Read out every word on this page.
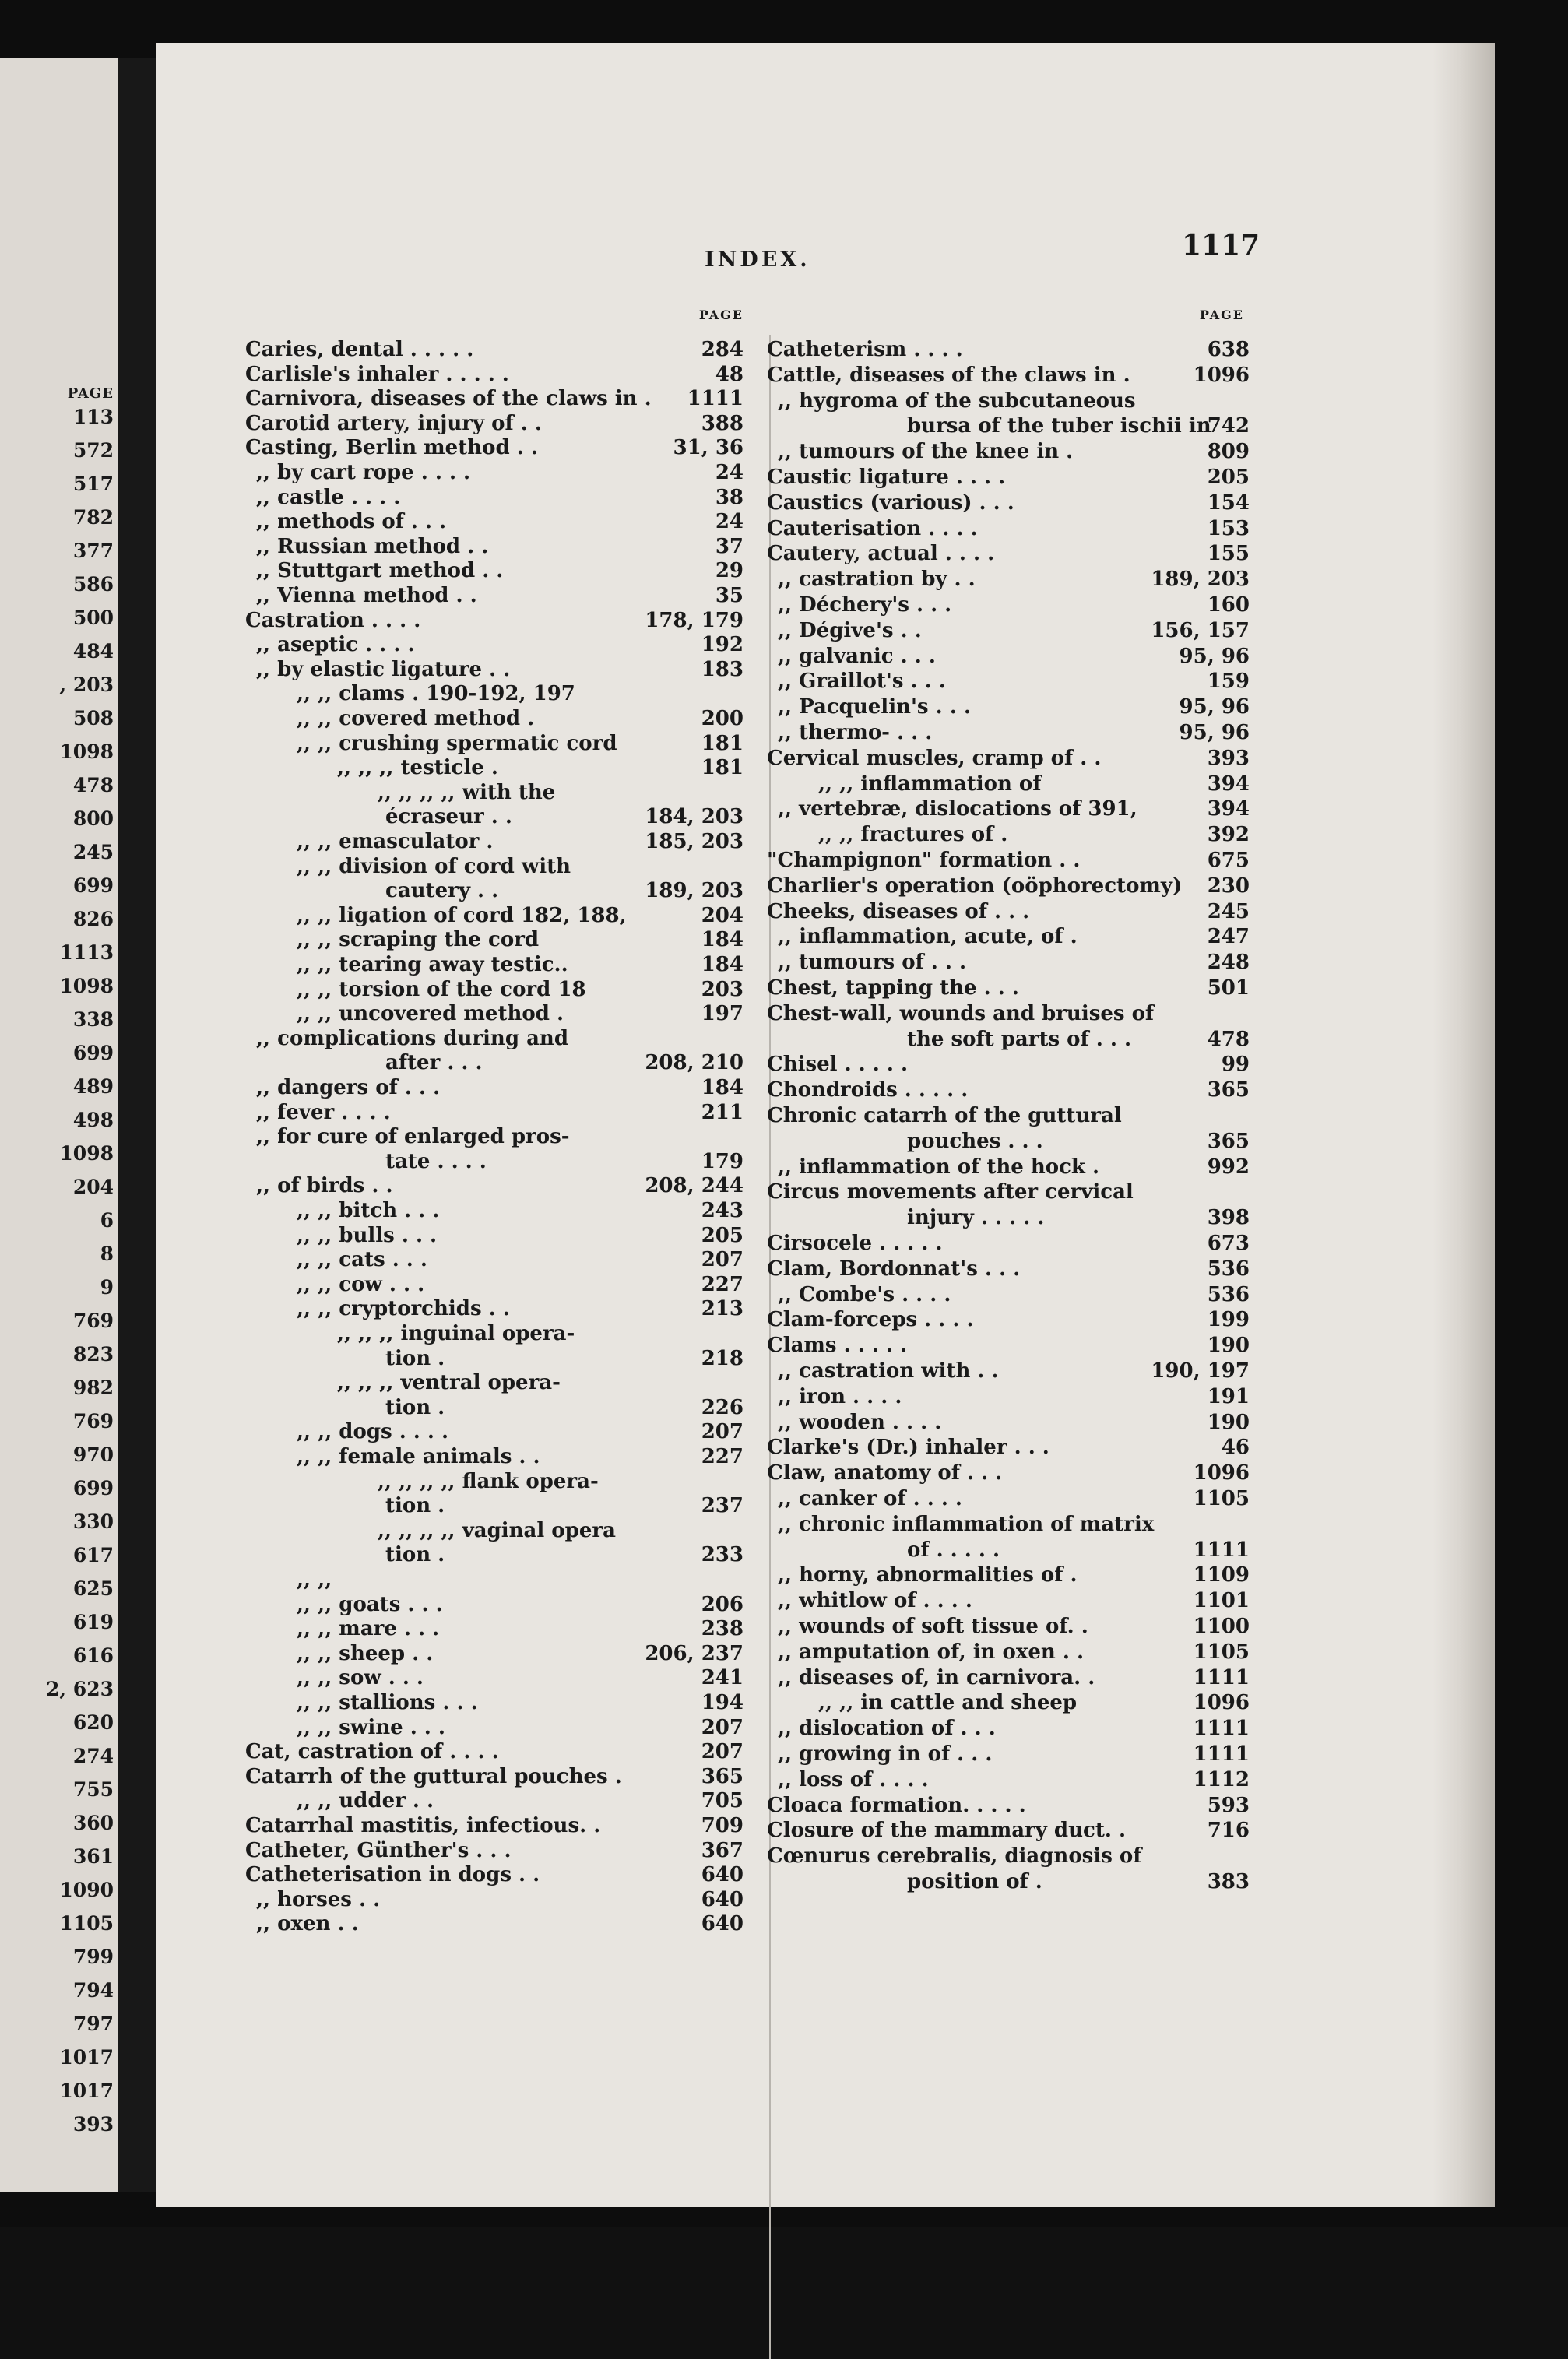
PAGE
113
572
517
782
377
586
500
484
, 203
508
1098
478
800
245
699
826
1113
1098
338
699
489
498
1098
204
6
8
9
769
823
982
769
970
699
330
617
625
619
616
2, 623
620
274
755
360
361
1090
1105
799
794
797
1017
1017
393
INDEX.	1117
PAGE
Caries, dental . . . . .	284
Carlisle's inhaler . . . . .	48
Carnivora, diseases of the claws in . 1111
Carotid artery, injury of . .	388
Casting, Berlin method . .	31, 36
,, by cart rope . . . .	24
,, castle . . . .	38
,, methods of . . .	24
,, Russian method . .	37
,, Stuttgart method . .	29
,, Vienna method . .	35
Castration . . . .	178, 179
,, aseptic . . . .	192
,, by elastic ligature . .	183
,, ,, clams . 190-192, 197
,, ,, covered method .	200
,, ,, crushing spermatic cord	181
,, ,, ,, testicle .	181
,, ,, ,, ,, with the
écraseur . .	184, 203
,, ,, emasculator .	185, 203
,, ,, division of cord with
cautery . .	189, 203
,, ,, ligation of cord 182, 188,	204
,, ,, scraping the cord	184
,, ,, tearing away testic..	184
,, ,, torsion of the cord 18	203
,, ,, uncovered method .	197
,, complications during and
after . . .	208, 210
,, dangers of . . .	184
,, fever . . . .	211
,, for cure of enlarged pros-
tate . . . .	179
,, of birds . .	208, 244
,, ,, bitch . . .	243
,, ,, bulls . . .	205
,, ,, cats . . .	207
,, ,, cow . . .	227
,, ,, cryptorchids . .	213
,, ,, ,, inguinal opera-
tion .	218
,, ,, ,, ventral opera-
tion .	226
,, ,, dogs . . . .	207
,, ,, female animals . .	227
,, ,, ,, ,, flank opera-
tion .	237
,, ,, ,, ,, vaginal opera
tion .	233
,, ,,
,, ,, goats . . .	206
,, ,, mare . . .	238
,, ,, sheep . .	206, 237
,, ,, sow . . .	241
,, ,, stallions . . .	194
,, ,, swine . . .	207
Cat, castration of . . . .	207
Catarrh of the guttural pouches .	365
,, ,, udder . .	705
Catarrhal mastitis, infectious. .	709
Catheter, Günther's . . .	367
Catheterisation in dogs . .	640
,, horses . .	640
,, oxen . .	640
PAGE
Catheterism . . . .	638
Cattle, diseases of the claws in .	1096
,, hygroma of the subcutaneous
bursa of the tuber ischii in
742
,, tumours of the knee in .	809
Caustic ligature . . . .	205
Caustics (various) . . .	154
Cauterisation . . . .	153
Cautery, actual . . . .	155
,, castration by . .	189, 203
,, Déchery's . . .	160
,, Dégive's . .	156, 157
,, galvanic . . .	95, 96
,, Graillot's . . .	159
,, Pacquelin's . . .	95, 96
,, thermo- . . .	95, 96
Cervical muscles, cramp of . .	393
,, ,, inflammation of	394
,, vertebræ, dislocations of 391,	394
,, ,, fractures of .	392
"Champignon" formation . .	675
Charlier's operation (oöphorectomy) 230
Cheeks, diseases of . . .	245
,, inflammation, acute, of .	247
,, tumours of . . .	248
Chest, tapping the . . .	501
Chest-wall, wounds and bruises of
the soft parts of . . .	478
Chisel . . . . .	99
Chondroids . . . . .	365
Chronic catarrh of the guttural
pouches . . .	365
,, inflammation of the hock .	992
Circus movements after cervical
injury . . . . .	398
Cirsocele . . . . .	673
Clam, Bordonnat's . . .	536
,, Combe's . . . .	536
Clam-forceps . . . .	199
Clams . . . . .	190
,, castration with . .	190, 197
,, iron . . . .	191
,, wooden . . . .	190
Clarke's (Dr.) inhaler . . .	46
Claw, anatomy of . . .	1096
,, canker of . . . .	1105
,, chronic inflammation of matrix
of . . . . .	1111
,, horny, abnormalities of .	1109
,, whitlow of . . . .	1101
,, wounds of soft tissue of. .	1100
,, amputation of, in oxen . .	1105
,, diseases of, in carnivora. .	1111
,, ,, in cattle and sheep	1096
,, dislocation of . . .	1111
,, growing in of . . .	1111
,, loss of . . . .	1112
Cloaca formation. . . . .	593
Closure of the mammary duct. .	716
Cœnurus cerebralis, diagnosis of
position of .	383
